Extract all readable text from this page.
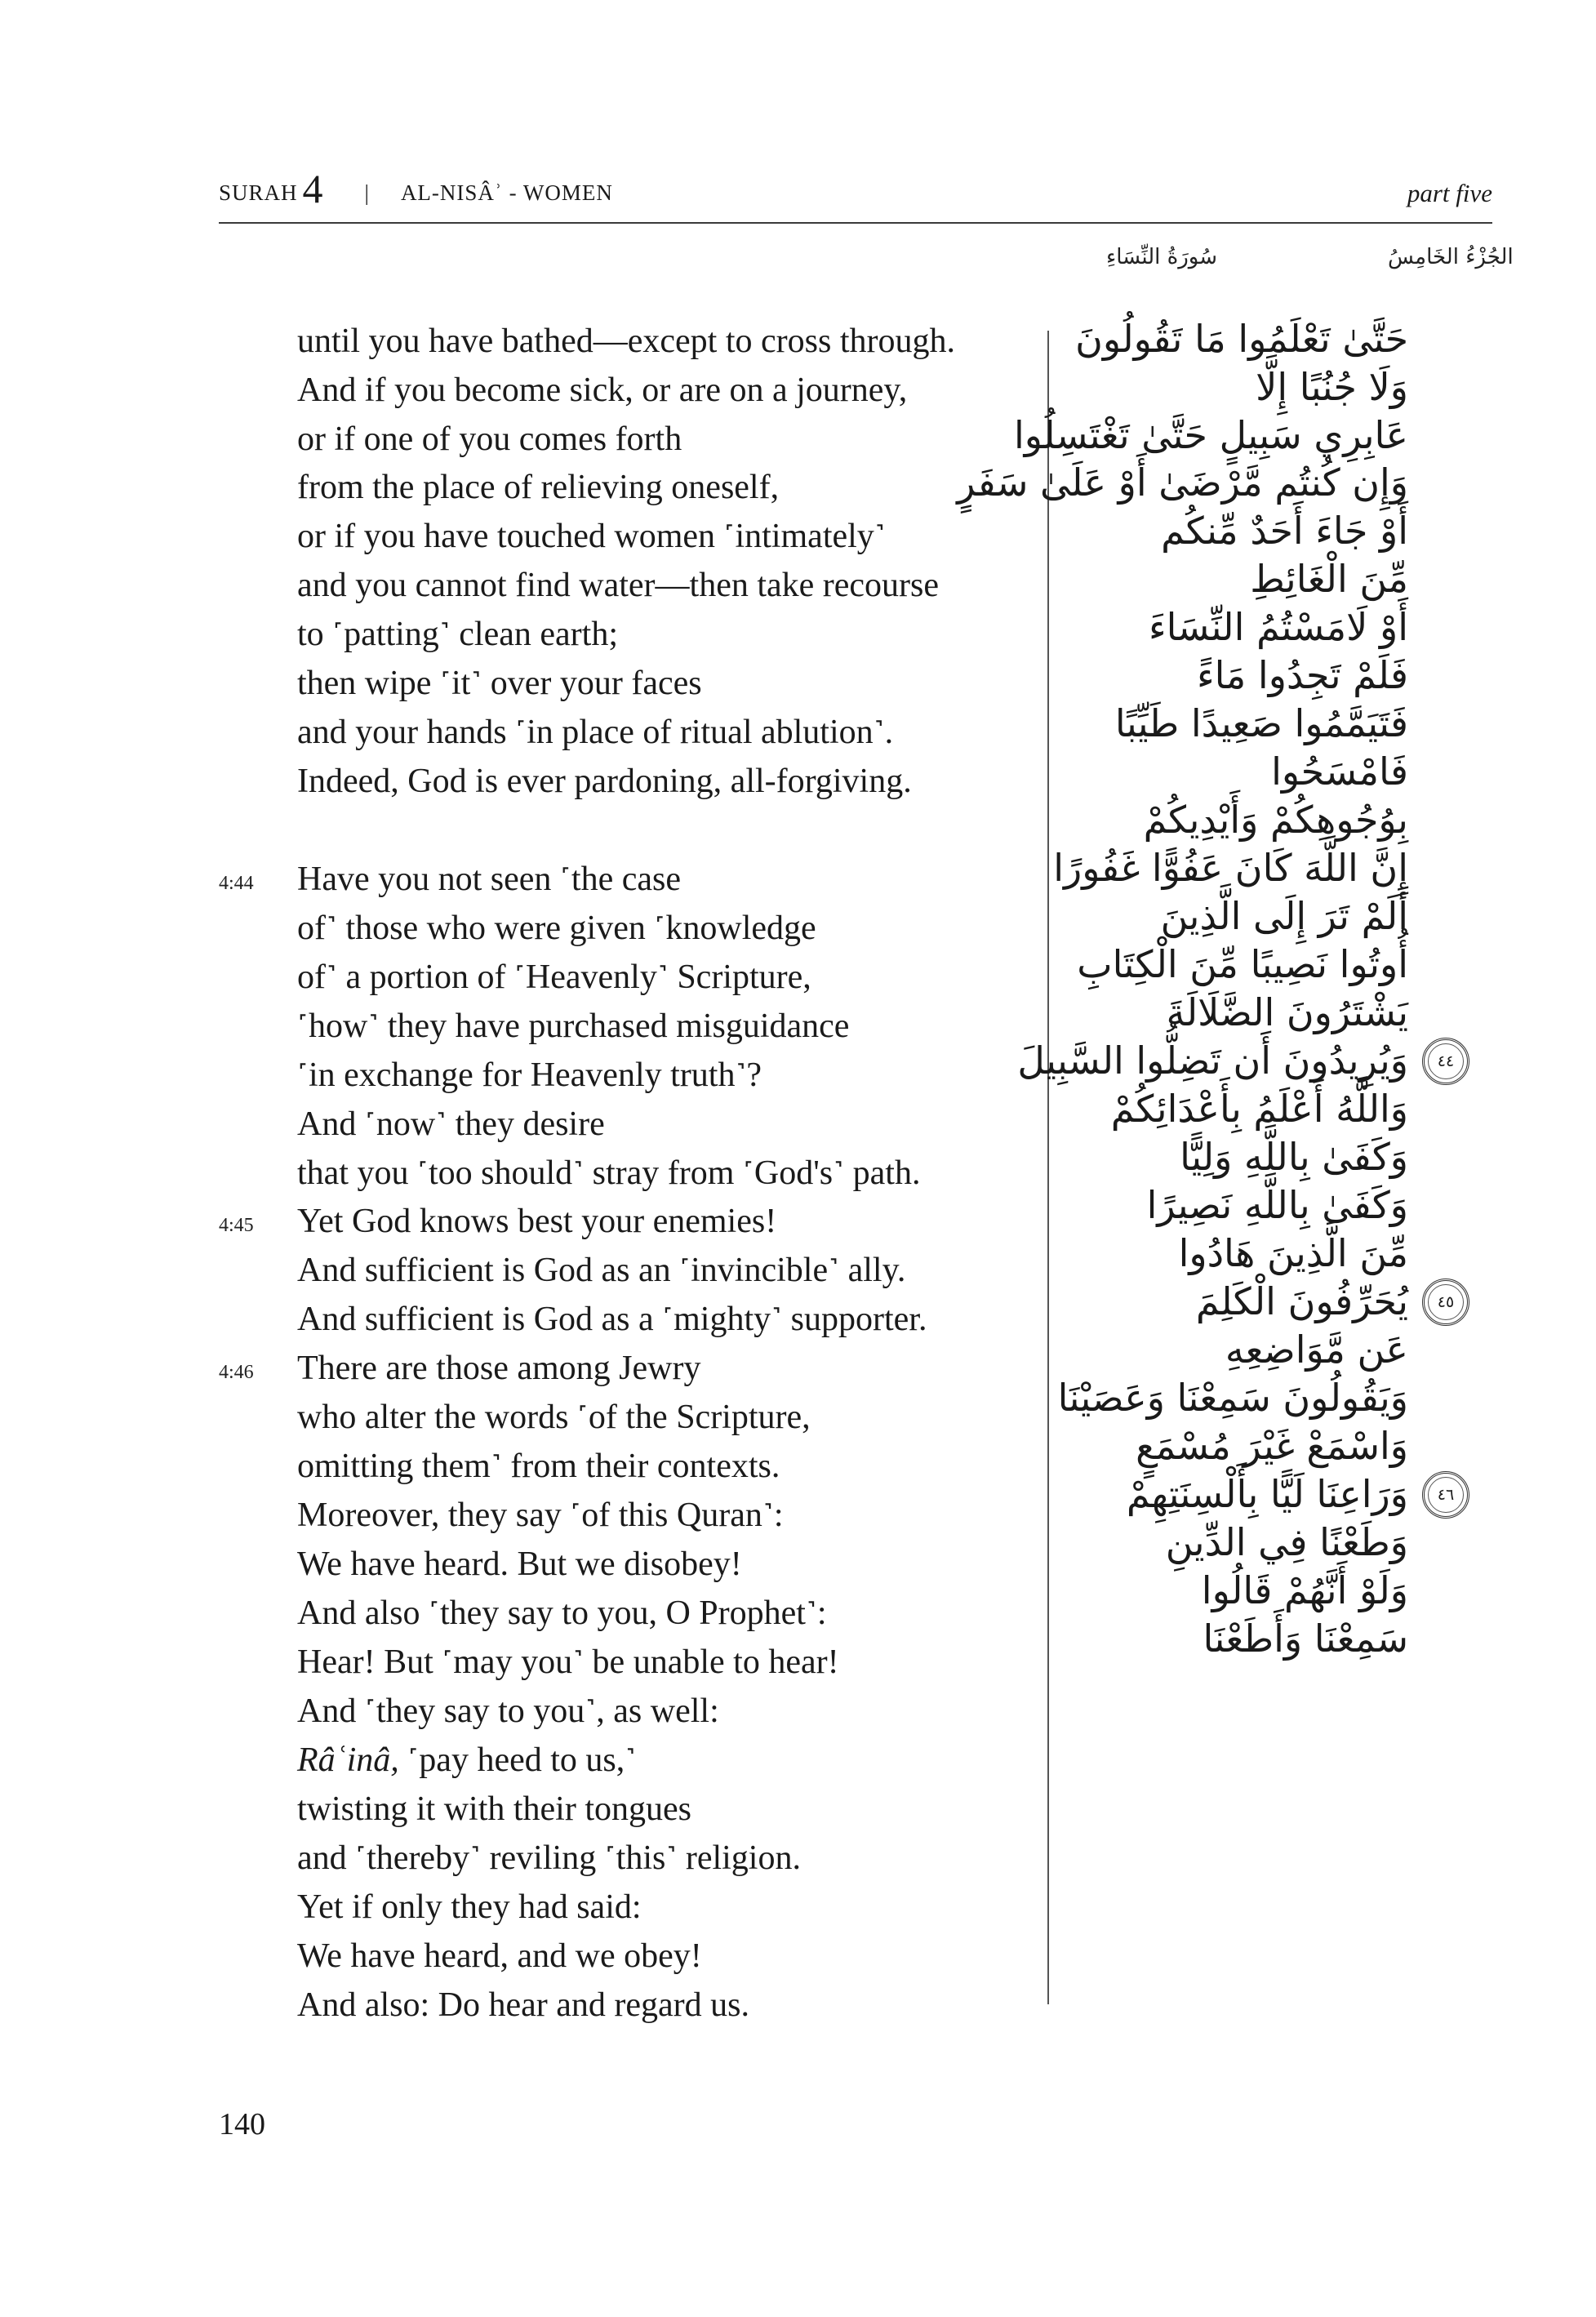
SURAH 4 | AL-NISÂʾ - WOMEN	part five
سُورَةُ النِّسَاءِ	الجُزْءُ الخَامِسُ
until you have bathed—except to cross through.
And if you become sick, or are on a journey,
or if one of you comes forth
from the place of relieving oneself,
or if you have touched women ˹intimately˺
and you cannot find water—then take recourse
to ˹patting˺ clean earth;
then wipe ˹it˺ over your faces
and your hands ˹in place of ritual ablution˺.
Indeed, God is ever pardoning, all-forgiving.
Have you not seen ˹the case
of˺ those who were given ˹knowledge
of˺ a portion of ˹Heavenly˺ Scripture,
˹how˺ they have purchased misguidance
˹in exchange for Heavenly truth˺?
And ˹now˺ they desire
that you ˹too should˺ stray from ˹God's˺ path.
Yet God knows best your enemies!
And sufficient is God as an ˹invincible˺ ally.
And sufficient is God as a ˹mighty˺ supporter.
There are those among Jewry
who alter the words ˹of the Scripture,
omitting them˺ from their contexts.
Moreover, they say ˹of this Quran˺:
We have heard. But we disobey!
And also ˹they say to you, O Prophet˺:
Hear! But ˹may you˺ be unable to hear!
And ˹they say to you˺, as well:
Râʿinâ, ˹pay heed to us,˺
twisting it with their tongues
and ˹thereby˺ reviling ˹this˺ religion.
Yet if only they had said:
We have heard, and we obey!
And also: Do hear and regard us.
4:44
4:45
4:46
حَتَّىٰ تَعْلَمُوا مَا تَقُولُونَ
وَلَا جُنُبًا إِلَّا
عَابِرِي سَبِيلٍ حَتَّىٰ تَغْتَسِلُوا
وَإِن كُنتُم مَّرْضَىٰ أَوْ عَلَىٰ سَفَرٍ
أَوْ جَاءَ أَحَدٌ مِّنكُم
مِّنَ الْغَائِطِ
أَوْ لَامَسْتُمُ النِّسَاءَ
فَلَمْ تَجِدُوا مَاءً
فَتَيَمَّمُوا صَعِيدًا طَيِّبًا
فَامْسَحُوا
بِوُجُوهِكُمْ وَأَيْدِيكُمْ
إِنَّ اللَّهَ كَانَ عَفُوًّا غَفُورًا
أَلَمْ تَرَ إِلَى الَّذِينَ
أُوتُوا نَصِيبًا مِّنَ الْكِتَابِ
يَشْتَرُونَ الضَّلَالَةَ
وَيُرِيدُونَ أَن تَضِلُّوا السَّبِيلَ
وَاللَّهُ أَعْلَمُ بِأَعْدَائِكُمْ
وَكَفَىٰ بِاللَّهِ وَلِيًّا
وَكَفَىٰ بِاللَّهِ نَصِيرًا
مِّنَ الَّذِينَ هَادُوا
يُحَرِّفُونَ الْكَلِمَ
عَن مَّوَاضِعِهِ
وَيَقُولُونَ سَمِعْنَا وَعَصَيْنَا
وَاسْمَعْ غَيْرَ مُسْمَعٍ
وَرَاعِنَا لَيًّا بِأَلْسِنَتِهِمْ
وَطَعْنًا فِي الدِّينِ
وَلَوْ أَنَّهُمْ قَالُوا
سَمِعْنَا وَأَطَعْنَا
٤٤
٤٥
٤٦
140
